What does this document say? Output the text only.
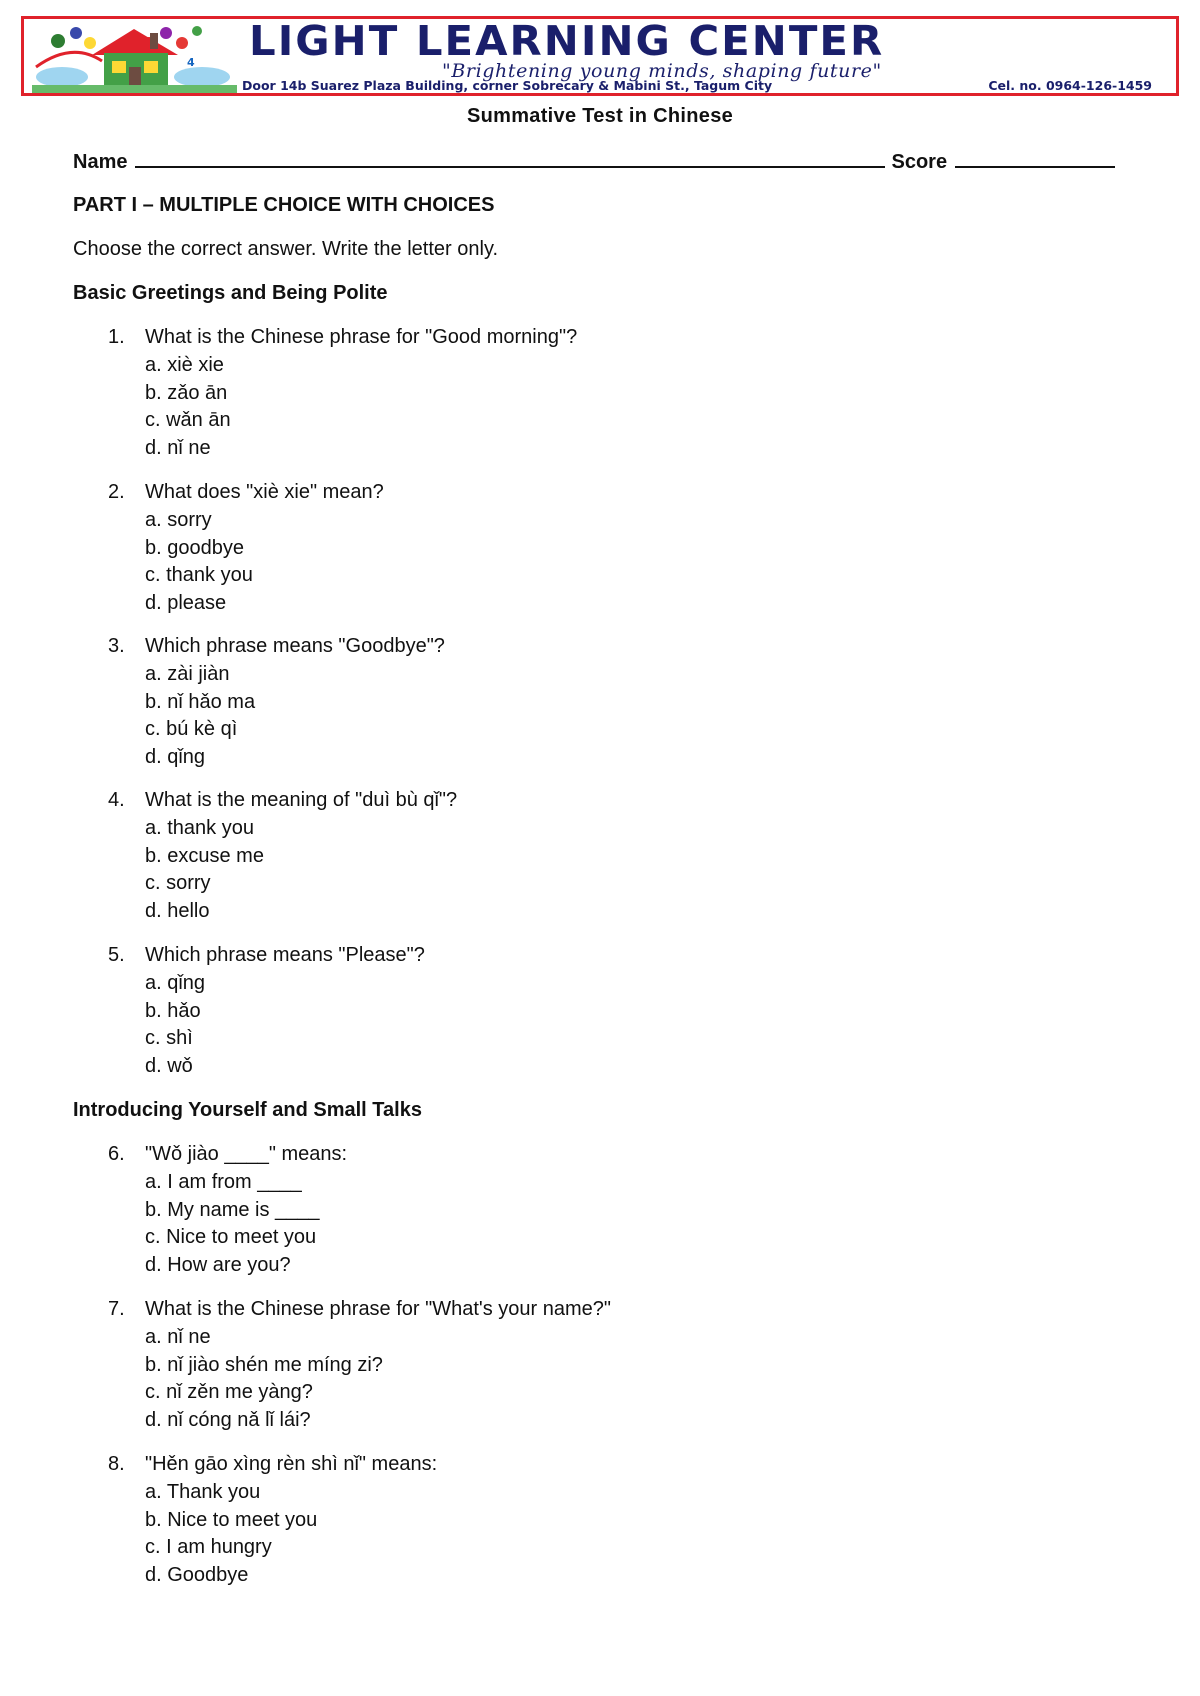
4 LIGHT LEARNING CENTER
"Brightening young minds, shaping future"
Door 14b Suarez Plaza Building, corner Sobrecary & Mabini St., Tagum City	Cel. no. 0964-126-1459
Summative Test in Chinese
Name	Score
PART I – MULTIPLE CHOICE WITH CHOICES
Choose the correct answer. Write the letter only.
Basic Greetings and Being Polite
1.	What is the Chinese phrase for "Good morning"?
a. xiè xie
b. zǎo ān
c. wǎn ān
d. nǐ ne
2.	What does "xiè xie" mean?
a. sorry
b. goodbye
c. thank you
d. please
3.	Which phrase means "Goodbye"?
a. zài jiàn
b. nǐ hǎo ma
c. bú kè qì
d. qǐng
4.	What is the meaning of "duì bù qǐ"?
a. thank you
b. excuse me
c. sorry
d. hello
5.	Which phrase means "Please"?
a. qǐng
b. hǎo
c. shì
d. wǒ
Introducing Yourself and Small Talks
6.	"Wǒ jiào ____" means:
a. I am from ____
b. My name is ____
c. Nice to meet you
d. How are you?
7.	What is the Chinese phrase for "What's your name?"
a. nǐ ne
b. nǐ jiào shén me míng zi?
c. nǐ zěn me yàng?
d. nǐ cóng nǎ lǐ lái?
8.	"Hěn gāo xìng rèn shì nǐ" means:
a. Thank you
b. Nice to meet you
c. I am hungry
d. Goodbye
